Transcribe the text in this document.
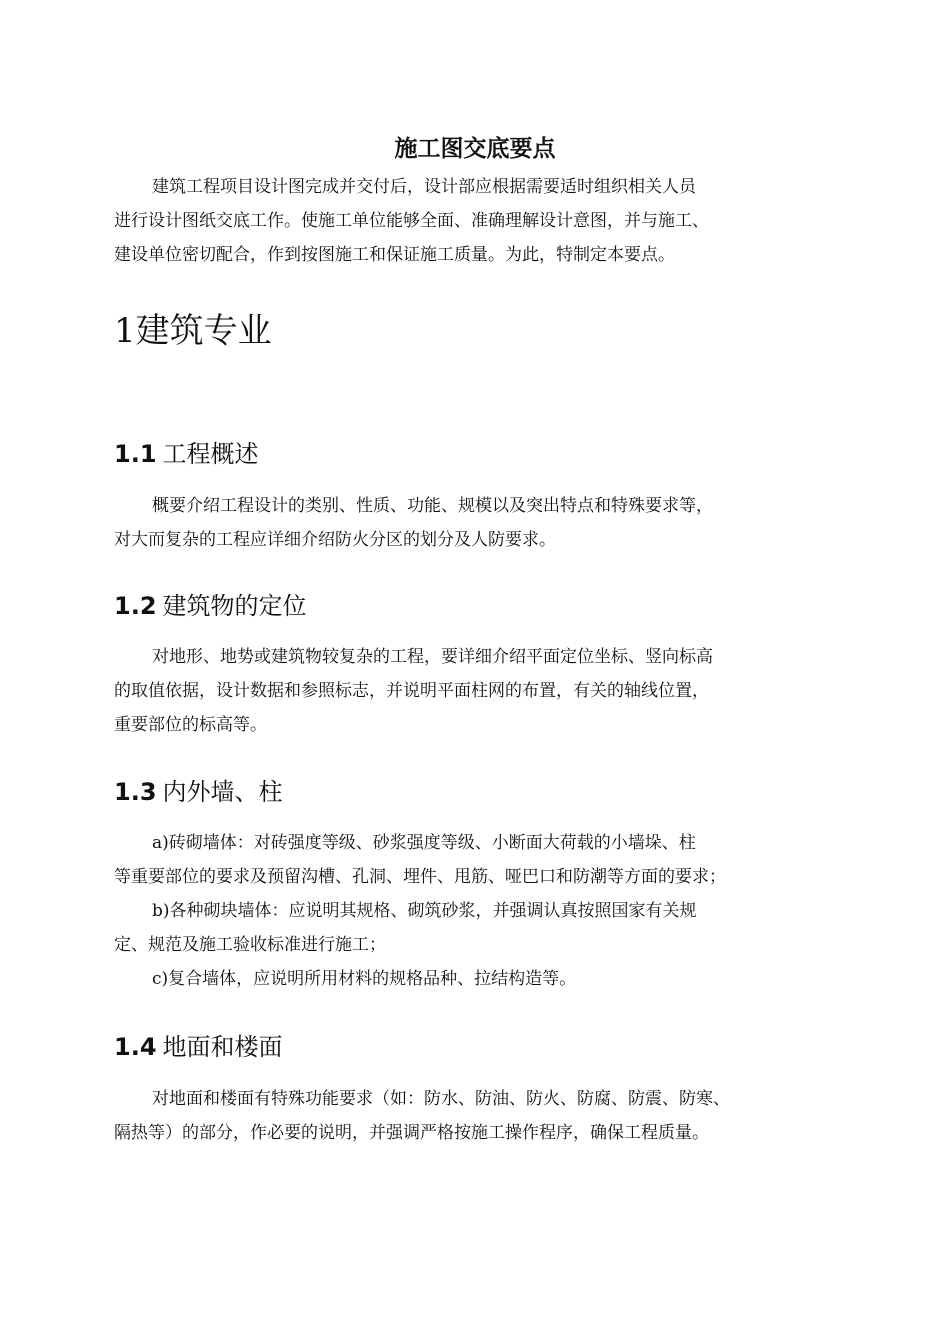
施工图交底要点
建筑工程项目设计图完成并交付后，设计部应根据需要适时组织相关人员
进行设计图纸交底工作。使施工单位能够全面、准确理解设计意图，并与施工、
建设单位密切配合，作到按图施工和保证施工质量。为此，特制定本要点。
1建筑专业
1.1 工程概述
概要介绍工程设计的类别、性质、功能、规模以及突出特点和特殊要求等，
对大而复杂的工程应详细介绍防火分区的划分及人防要求。
1.2 建筑物的定位
对地形、地势或建筑物较复杂的工程，要详细介绍平面定位坐标、竖向标高
的取值依据，设计数据和参照标志，并说明平面柱网的布置，有关的轴线位置，
重要部位的标高等。
1.3 内外墙、柱
a)砖砌墙体：对砖强度等级、砂浆强度等级、小断面大荷载的小墙垛、柱
等重要部位的要求及预留沟槽、孔洞、埋件、甩筋、哑巴口和防潮等方面的要求；
b)各种砌块墙体：应说明其规格、砌筑砂浆，并强调认真按照国家有关规
定、规范及施工验收标准进行施工；
c)复合墙体，应说明所用材料的规格品种、拉结构造等。
1.4 地面和楼面
对地面和楼面有特殊功能要求（如：防水、防油、防火、防腐、防震、防寒、
隔热等）的部分，作必要的说明，并强调严格按施工操作程序，确保工程质量。
